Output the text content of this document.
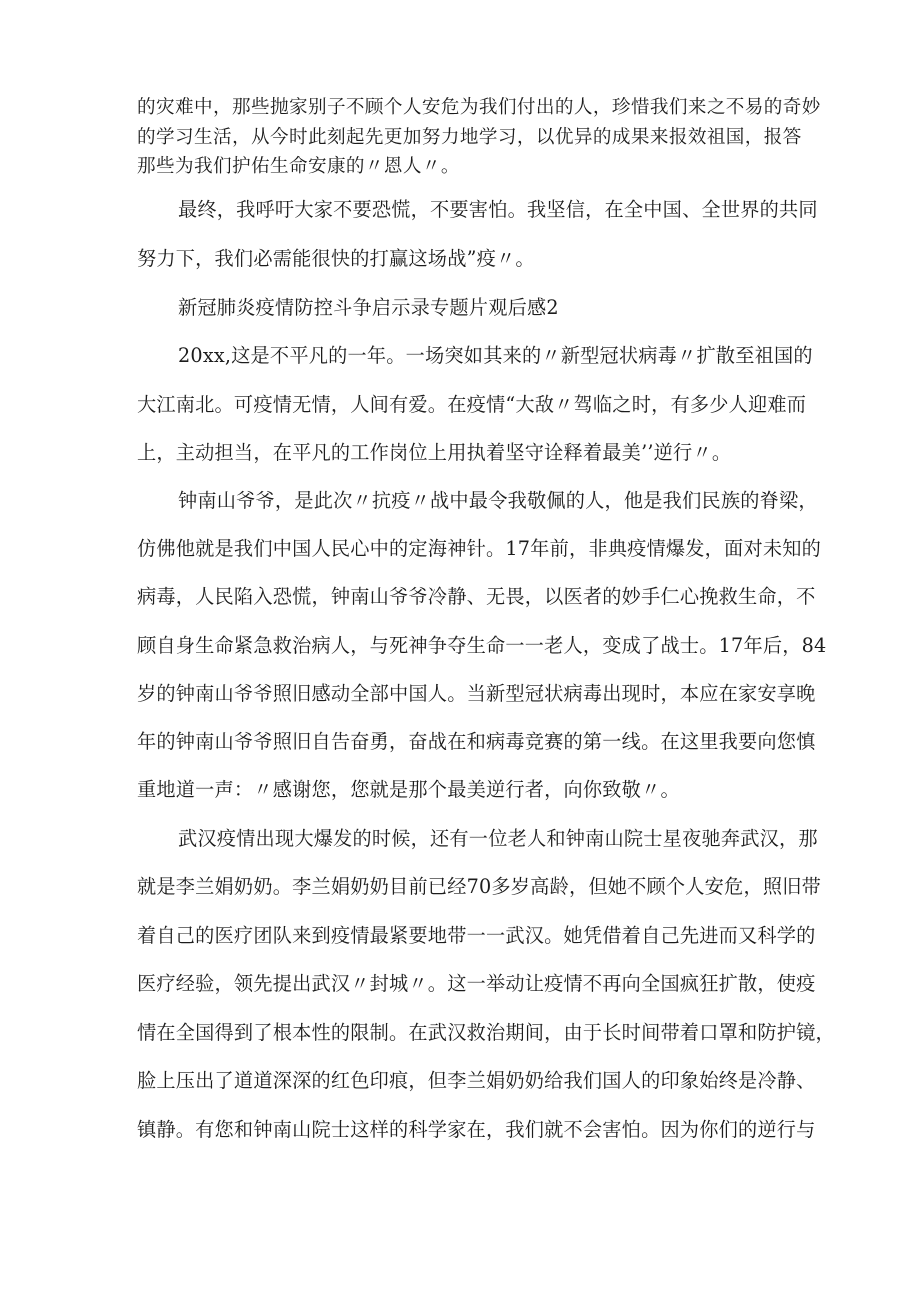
的灾难中，那些抛家别子不顾个人安危为我们付出的人，珍惜我们来之不易的奇妙
的学习生活，从今时此刻起先更加努力地学习，以优异的成果来报效祖国，报答
那些为我们护佑生命安康的〃恩人〃。
最终，我呼吁大家不要恐慌，不要害怕。我坚信，在全中国、全世界的共同
努力下，我们必需能很快的打赢这场战”疫〃。
新冠肺炎疫情防控斗争启示录专题片观后感2
20xx,这是不平凡的一年。一场突如其来的〃新型冠状病毒〃扩散至祖国的
大江南北。可疫情无情，人间有爱。在疫情“大敌〃驾临之时，有多少人迎难而
上，主动担当，在平凡的工作岗位上用执着坚守诠释着最美’’逆行〃。
钟南山爷爷，是此次〃抗疫〃战中最令我敬佩的人，他是我们民族的脊梁，
仿佛他就是我们中国人民心中的定海神针。17年前，非典疫情爆发，面对未知的
病毒，人民陷入恐慌，钟南山爷爷冷静、无畏，以医者的妙手仁心挽救生命，不
顾自身生命紧急救治病人，与死神争夺生命一一老人，变成了战士。17年后，84
岁的钟南山爷爷照旧感动全部中国人。当新型冠状病毒出现时，本应在家安享晚
年的钟南山爷爷照旧自告奋勇，奋战在和病毒竞赛的第一线。在这里我要向您慎
重地道一声：〃感谢您，您就是那个最美逆行者，向你致敬〃。
武汉疫情出现大爆发的时候，还有一位老人和钟南山院士星夜驰奔武汉，那
就是李兰娟奶奶。李兰娟奶奶目前已经70多岁高龄，但她不顾个人安危，照旧带
着自己的医疗团队来到疫情最紧要地带一一武汉。她凭借着自己先进而又科学的
医疗经验，领先提出武汉〃封城〃。这一举动让疫情不再向全国疯狂扩散，使疫
情在全国得到了根本性的限制。在武汉救治期间，由于长时间带着口罩和防护镜，
脸上压出了道道深深的红色印痕，但李兰娟奶奶给我们国人的印象始终是冷静、
镇静。有您和钟南山院士这样的科学家在，我们就不会害怕。因为你们的逆行与
